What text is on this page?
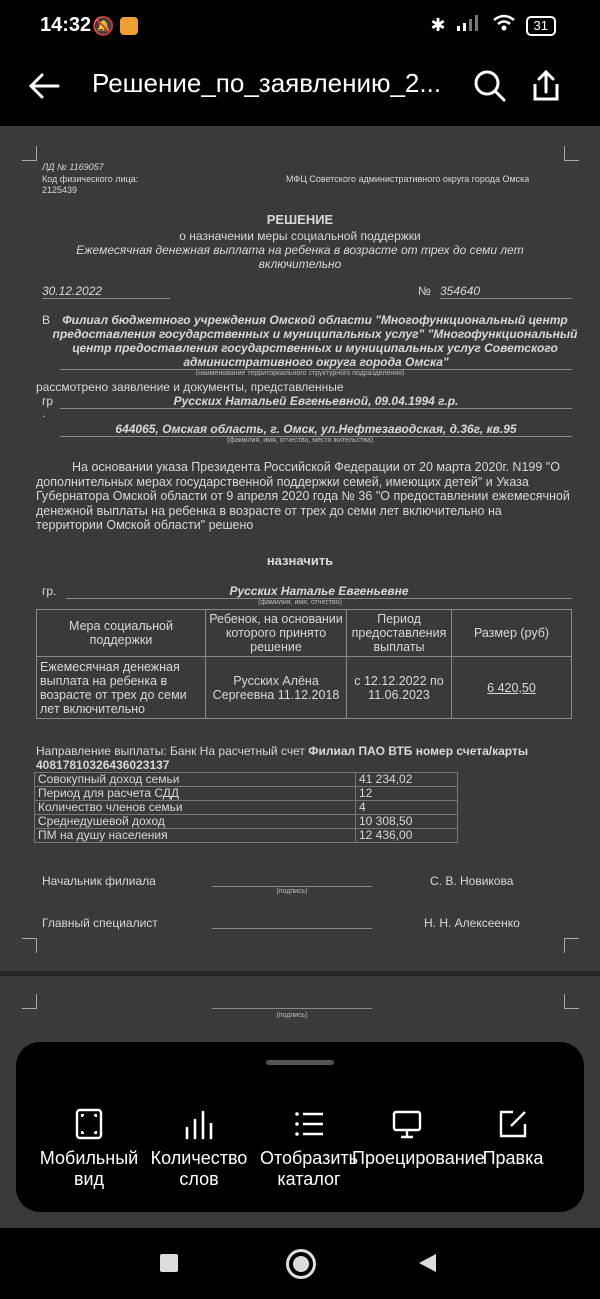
14:32 🔕	✱	31
Решение_по_заявлению_2...
ЛД № 1169057
Код физического лица:
2125439
МФЦ Советского административного округа города Омска
РЕШЕНИЕ
о назначении меры социальной поддержки
Ежемесячная денежная выплата на ребенка в возрасте от трех до семи лет
включительно
30.12.2022	№ 354640
В	Филиал бюджетного учреждения Омской области "Многофункциональный центр
предоставления государственных и муниципальных услуг" "Многофункциональный
центр предоставления государственных и муниципальных услуг Советского
административного округа города Омска"
(наименование территориального структурного подразделения)
рассмотрено заявление и документы, представленные
гр	Русских Натальей Евгеньевной, 09.04.1994 г.р.
.
644065, Омская область, г. Омск, ул.Нефтезаводская, д.36г, кв.95
(фамилия, имя, отчество, место жительства)
На основании указа Президента Российской Федерации от 20 марта 2020г. N199 "О дополнительных мерах государственной поддержки семей, имеющих детей" и Указа Губернатора Омской области от 9 апреля 2020 года № 36 "О предоставлении ежемесячной денежной выплаты на ребенка в возрасте от трех до семи лет включительно на территории Омской области" решено
назначить
гр.	Русских Наталье Евгеньевне
(фамилия, имя, отчество)
Мера социальной поддержки	Ребенок, на основании которого принято решение	Период предоставления выплаты	Размер (руб)
Ежемесячная денежная выплата на ребенка в возрасте от трех до семи лет включительно	Русских Алёна Сергеевна 11.12.2018	с 12.12.2022 по 11.06.2023	6 420,50
Направление выплаты: Банк На расчетный счет Филиал ПАО ВТБ номер счета/карты
40817810326436023137
Совокупный доход семьи	41 234,02
Период для расчета СДД	12
Количество членов семьи	4
Среднедушевой доход	10 308,50
ПМ на душу населения	12 436,00
Начальник филиала
(подпись)
С. В. Новикова
Главный специалист	Н. Н. Алексеенко
(подпись)
Мобильный вид
Количество слов
Отобразить каталог
Проецирование
Правка
